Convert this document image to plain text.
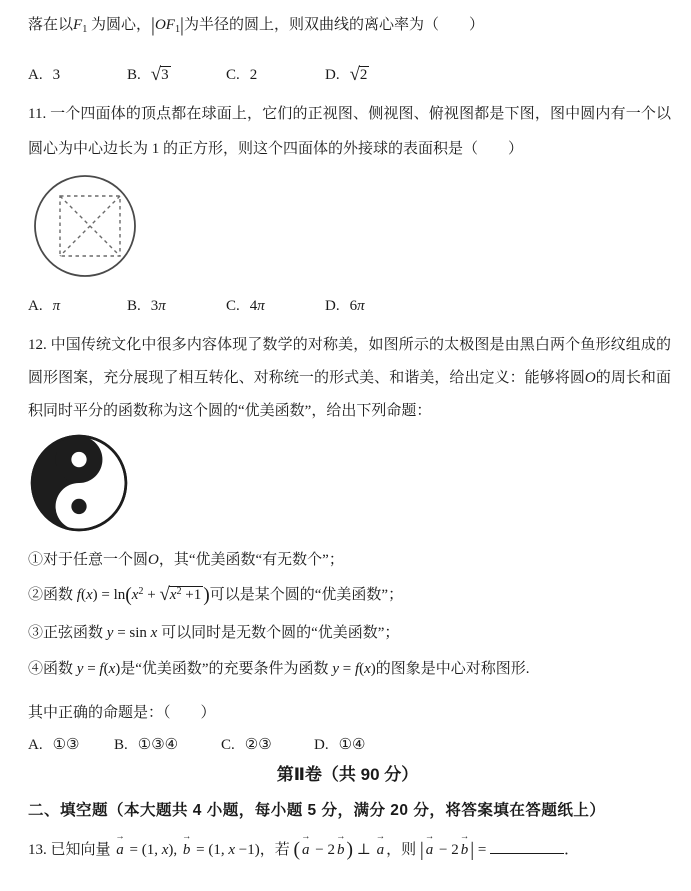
落在以$F_1$ 为圆心，$|OF_1|$为半径的圆上，则双曲线的离心率为（　　）

A. 3	B. √3	C. 2	D. √2

11. 一个四面体的顶点都在球面上，它们的正视图、侧视图、俯视图都是下图，图中圆内有一个以圆心为中心边长为 1 的正方形，则这个四面体的外接球的表面积是（　　）

A. π	B. 3π	C. 4π	D. 6π

12. 中国传统文化中很多内容体现了数学的对称美，如图所示的太极图是由黑白两个鱼形纹组成的圆形图案，充分展现了相互转化、对称统一的形式美、和谐美，给出定义：能够将圆O的周长和面积同时平分的函数称为这个圆的“优美函数”，给出下列命题：

①对于任意一个圆O，其“优美函数“有无数个”；

②函数 $f(x) = \ln(x^2 + √x^2 +1$ )可以是某个圆的“优美函数”；

③正弦函数 y = sin x 可以同时是无数个圆的“优美函数”；

④函数 y = f(x)是“优美函数”的充要条件为函数 y = f(x)的图象是中心对称图形.

其中正确的命题是：（　　）

A. ①③ B. ①③④	C. ②③	D. ①④

第Ⅱ卷（共 90 分）

二、填空题（本大题共 4 小题，每小题 5 分，满分 20 分，将答案填在答题纸上）

13. 已知向量 a → = (1, x), b → = (1, x −1)，若 ( a → − 2 b → ) ⊥ a → ，则 | a → − 2 b → | =	．
